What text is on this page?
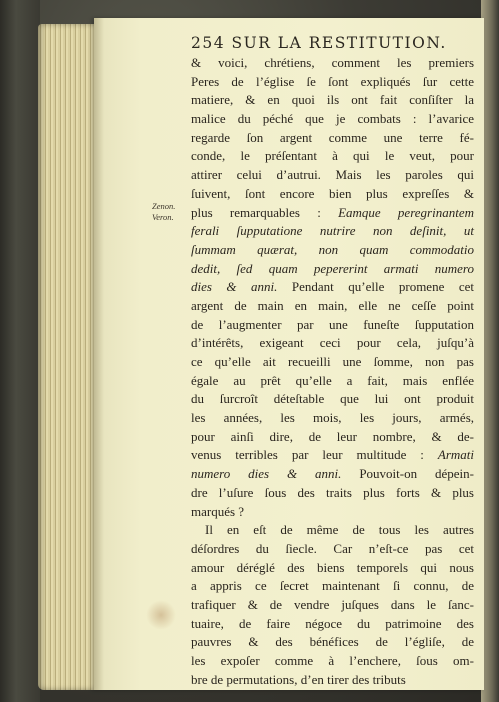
254 SUR LA RESTITUTION.
Zenon.
Veron.
& voici, chrétiens, comment les premiers
Peres de l’église ſe ſont expliqués ſur cette
matiere, & en quoi ils ont fait conſiſter la
malice du péché que je combats : l’avarice
regarde ſon argent comme une terre fé-
conde, le préſentant à qui le veut, pour
attirer celui d’autrui. Mais les paroles qui
ſuivent, ſont encore bien plus expreſſes &
plus remarquables : Eamque peregrinantem
ferali ſupputatione nutrire non deſinit, ut
ſummam quærat, non quam commodatio
dedit, ſed quam pepererint armati numero
dies & anni. Pendant qu’elle promene cet
argent de main en main, elle ne ceſſe point
de l’augmenter par une funeſte ſupputation
d’intérêts, exigeant ceci pour cela, juſqu’à
ce qu’elle ait recueilli une ſomme, non pas
égale au prêt qu’elle a fait, mais enflée
du ſurcroît déteſtable que lui ont produit
les années, les mois, les jours, armés,
pour ainſi dire, de leur nombre, & de-
venus terribles par leur multitude : Armati
numero dies & anni. Pouvoit-on dépein-
dre l’uſure ſous des traits plus forts & plus
marqués ?
Il en eſt de même de tous les autres
déſordres du ſiecle. Car n’eſt-ce pas cet
amour déréglé des biens temporels qui nous
a appris ce ſecret maintenant ſi connu, de
trafiquer & de vendre juſques dans le ſanc-
tuaire, de faire négoce du patrimoine des
pauvres & des bénéfices de l’égliſe, de
les expoſer comme à l’enchere, ſous om-
bre de permutations, d’en tirer des tributs
